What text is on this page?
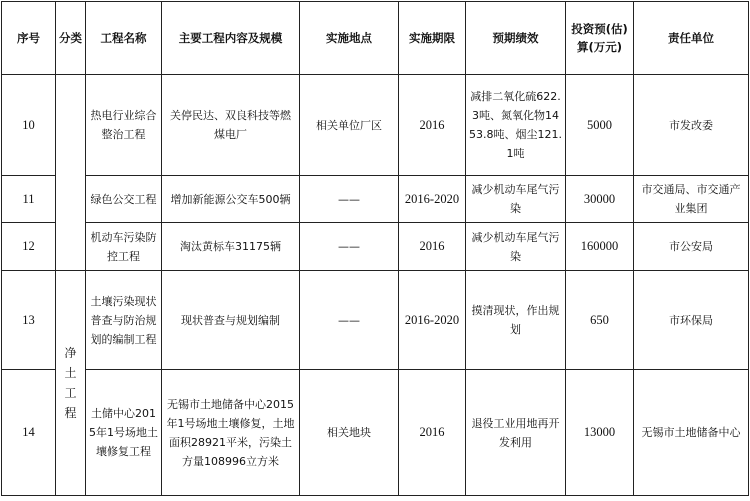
序号	分类	工程名称	主要工程内容及规模	实施地点	实施期限	预期绩效	投资预(估)算(万元)	责任单位
10		热电行业综合整治工程	关停民达、双良科技等燃煤电厂	相关单位厂区	2016	减排二氧化硫622.3吨、氮氧化物1453.8吨、烟尘121.1吨	5000	市发改委
11		绿色公交工程	增加新能源公交车500辆	——	2016-2020	减少机动车尾气污染	30000	市交通局、市交通产业集团
12		机动车污染防控工程	淘汰黄标车31175辆	——	2016	减少机动车尾气污染	160000	市公安局
13	净土工程	土壤污染现状普查与防治规划的编制工程	现状普查与规划编制	——	2016-2020	摸清现状，作出规划	650	市环保局
14		土储中心2015年1号场地土壤修复工程	无锡市土地储备中心2015年1号场地土壤修复，土地面积28921平米，污染土方量108996立方米	相关地块	2016	退役工业用地再开发利用	13000	无锡市土地储备中心
